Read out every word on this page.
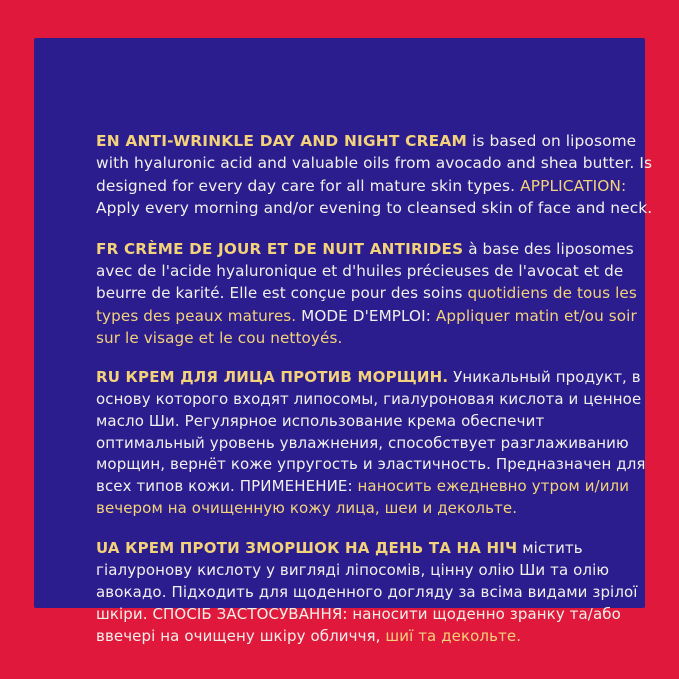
EN ANTI-WRINKLE DAY AND NIGHT CREAM is based on liposome with hyaluronic acid and valuable oils from avocado and shea butter. Is designed for every day care for all mature skin types. APPLICATION: Apply every morning and/or evening to cleansed skin of face and neck.

FR CRÈME DE JOUR ET DE NUIT ANTIRIDES à base des liposomes avec de l'acide hyaluronique et d'huiles précieuses de l'avocat et de beurre de karité. Elle est conçue pour des soins quotidiens de tous les types des peaux matures. MODE D'EMPLOI: Appliquer matin et/ou soir sur le visage et le cou nettoyés.

RU КРЕМ ДЛЯ ЛИЦА ПРОТИВ МОРЩИН. Уникальный продукт, в основу которого входят липосомы, гиалуроновая кислота и ценное масло Ши. Регулярное использование крема обеспечит оптимальный уровень увлажнения, способствует разглаживанию морщин, вернёт коже упругость и эластичность. Предназначен для всех типов кожи. ПРИМЕНЕНИЕ: наносить ежедневно утром и/или вечером на очищенную кожу лица, шеи и декольте.

UA КРЕМ ПРОТИ ЗМОРШОК НА ДЕНЬ ТА НА НІЧ містить гіалуронову кислоту у вигляді ліпосомів, цінну олію Ши та олію авокадо. Підходить для щоденного догляду за всіма видами зрілої шкіри. СПОСІБ ЗАСТОСУВАННЯ: наносити щоденно зранку та/або ввечері на очищену шкіру обличчя, шиї та декольте.
